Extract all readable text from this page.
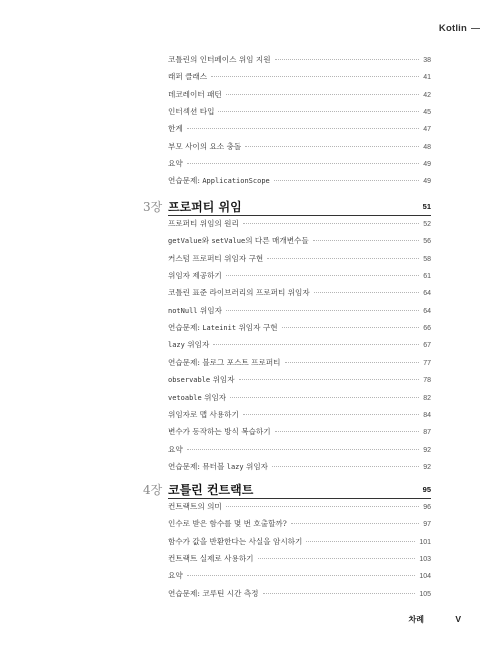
Kotlin
코틀린의 인터페이스 위임 지원	38
래퍼 클래스	41
데코레이터 패턴	42
인터섹션 타입	45
한계	47
부모 사이의 요소 충돌	48
요약	49
연습문제: ApplicationScope	49
3장 프로퍼티 위임	51
프로퍼티 위임의 원리	52
getValue와 setValue의 다른 매개변수들	56
커스텀 프로퍼티 위임자 구현	58
위임자 제공하기	61
코틀린 표준 라이브러리의 프로퍼티 위임자	64
notNull 위임자	64
연습문제: Lateinit 위임자 구현	66
lazy 위임자	67
연습문제: 블로그 포스트 프로퍼티	77
observable 위임자	78
vetoable 위임자	82
위임자로 맵 사용하기	84
변수가 동작하는 방식 복습하기	87
요약	92
연습문제: 뮤터블 lazy 위임자	92
4장 코틀린 컨트랙트	95
컨트랙트의 의미	96
인수로 받은 함수를 몇 번 호출할까?	97
함수가 값을 반환한다는 사실을 암시하기	101
컨트랙트 실제로 사용하기	103
요약	104
연습문제: 코루틴 시간 측정	105
차례	V
